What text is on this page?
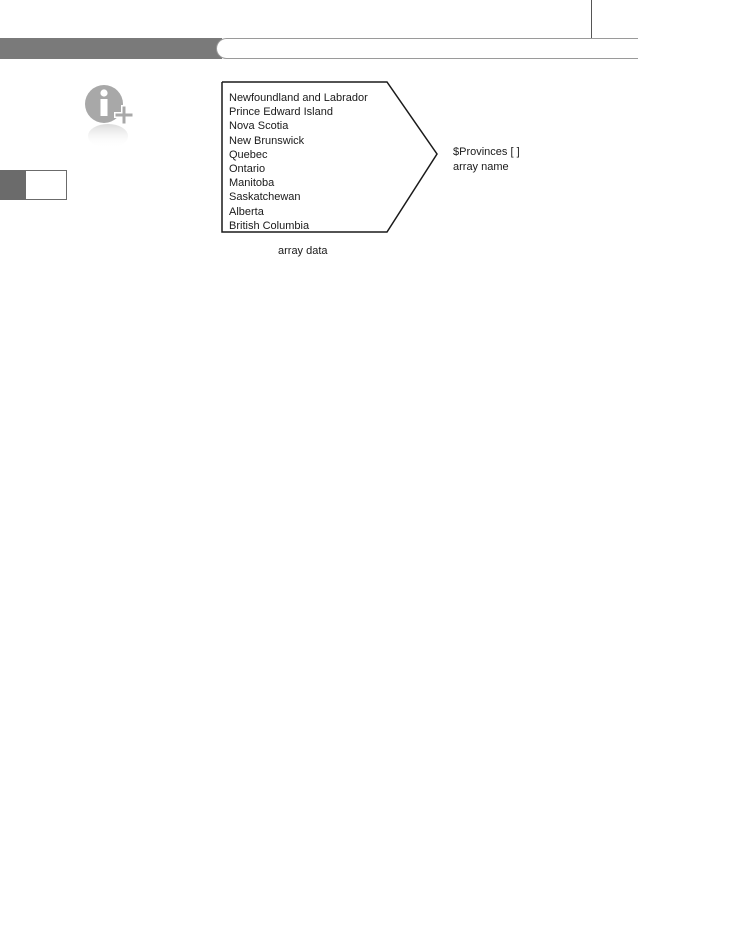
Newfoundland and Labrador
Prince Edward Island
Nova Scotia
New Brunswick
Quebec
Ontario
Manitoba
Saskatchewan
Alberta
British Columbia
$Provinces [ ]
array name
array data
